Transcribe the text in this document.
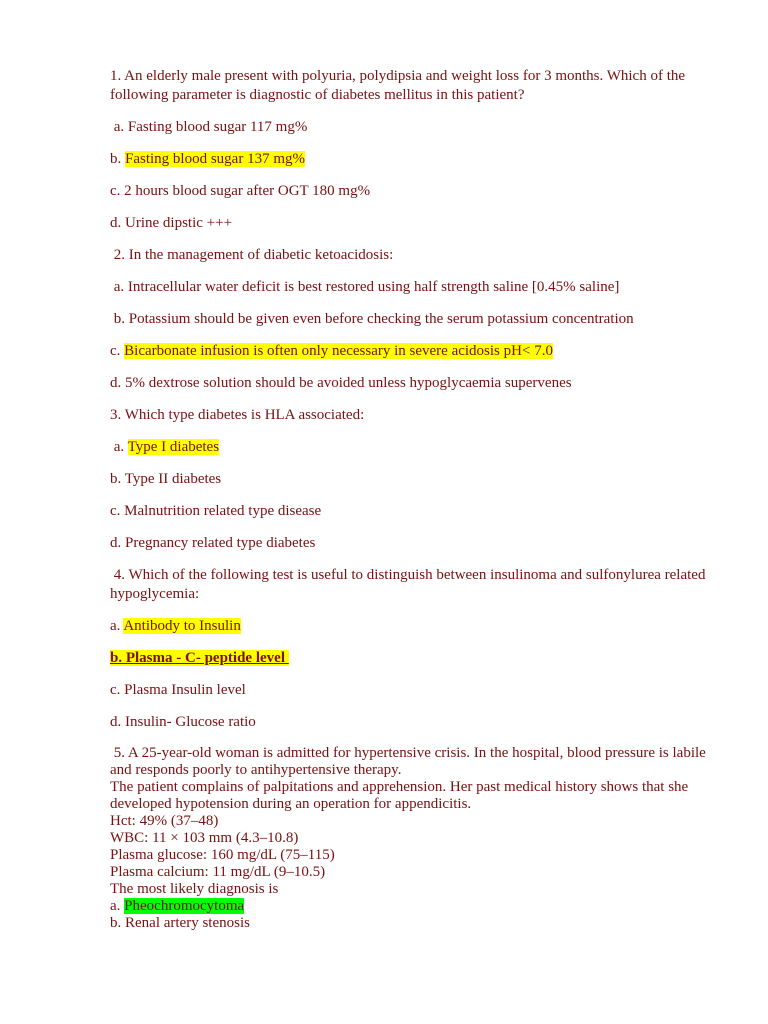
1. An elderly male present with polyuria, polydipsia and weight loss for 3 months. Which of the following parameter is diagnostic of diabetes mellitus in this patient?

a. Fasting blood sugar 117 mg%

b. Fasting blood sugar 137 mg%

c. 2 hours blood sugar after OGT 180 mg%

d. Urine dipstic +++

2. In the management of diabetic ketoacidosis:

a. Intracellular water deficit is best restored using half strength saline [0.45% saline]

b. Potassium should be given even before checking the serum potassium concentration

c. Bicarbonate infusion is often only necessary in severe acidosis pH< 7.0

d. 5% dextrose solution should be avoided unless hypoglycaemia supervenes

3. Which type diabetes is HLA associated:

a. Type I diabetes

b. Type II diabetes

c. Malnutrition related type disease

d. Pregnancy related type diabetes

4. Which of the following test is useful to distinguish between insulinoma and sulfonylurea related hypoglycemia:

a. Antibody to Insulin

b. Plasma - C- peptide level

c. Plasma Insulin level

d. Insulin- Glucose ratio

5. A 25-year-old woman is admitted for hypertensive crisis. In the hospital, blood pressure is labile and responds poorly to antihypertensive therapy.

The patient complains of palpitations and apprehension. Her past medical history shows that she developed hypotension during an operation for appendicitis.

Hct: 49% (37–48)

WBC: 11 × 103 mm (4.3–10.8)

Plasma glucose: 160 mg/dL (75–115)

Plasma calcium: 11 mg/dL (9–10.5)

The most likely diagnosis is

a. Pheochromocytoma

b. Renal artery stenosis
